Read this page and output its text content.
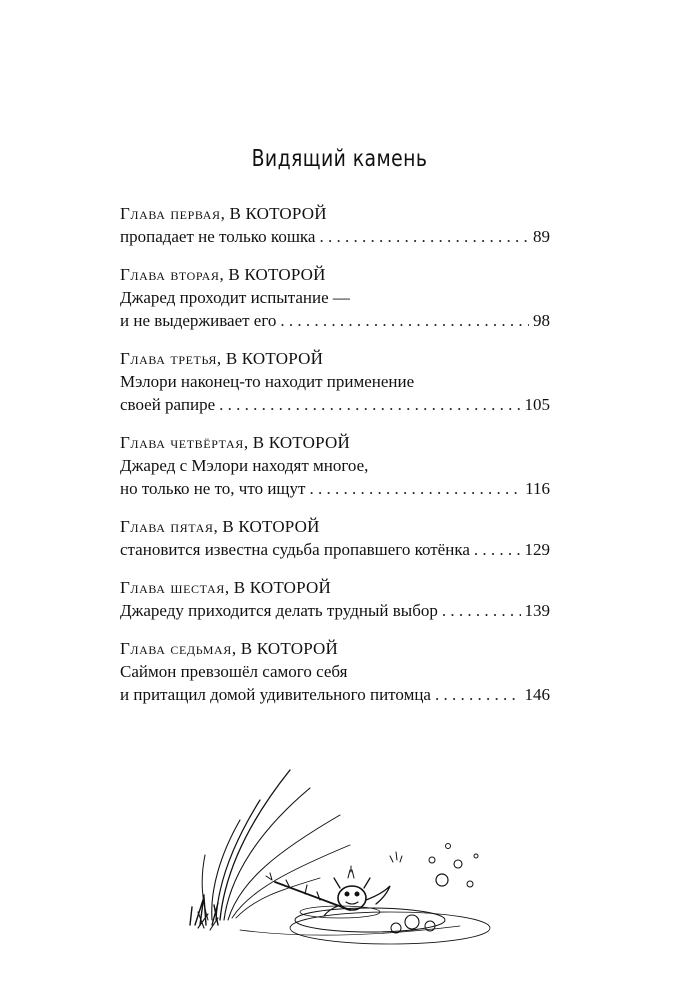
Видящий камень
Глава первая, В КОТОРОЙ
пропадает не только кошка . . .	89
Глава вторая, В КОТОРОЙ
Джаред проходит испытание —
и не выдерживает его . . .	98
Глава третья, В КОТОРОЙ
Мэлори наконец-то находит применение
своей рапире . . .	105
Глава четвёртая, В КОТОРОЙ
Джаред с Мэлори находят многое,
но только не то, что ищут . . .	116
Глава пятая, В КОТОРОЙ
становится известна судьба пропавшего котёнка . . .	129
Глава шестая, В КОТОРОЙ
Джареду приходится делать трудный выбор . . .	139
Глава седьмая, В КОТОРОЙ
Саймон превзошёл самого себя
и притащил домой удивительного питомца . . .	146
